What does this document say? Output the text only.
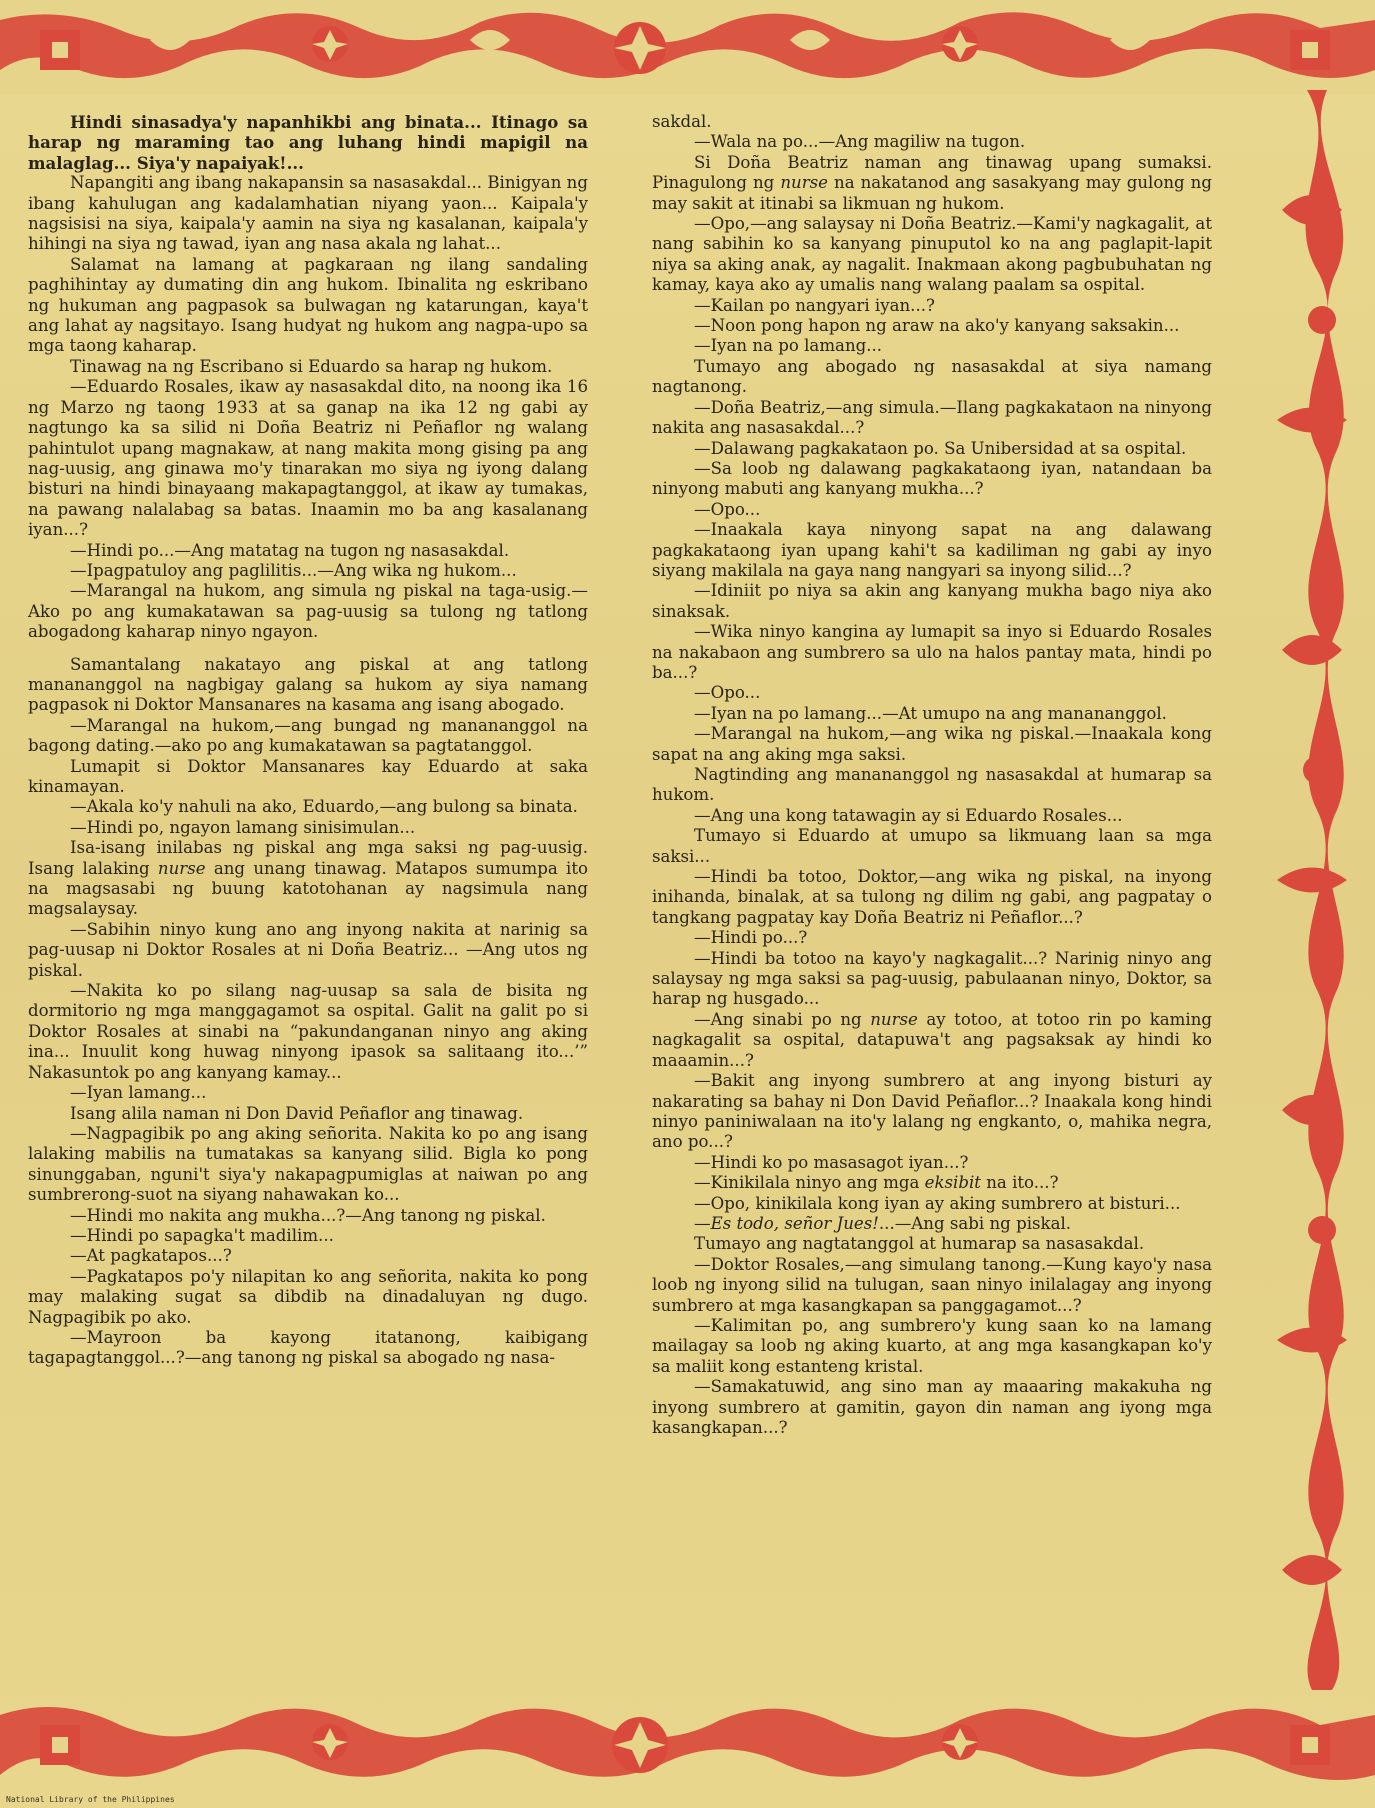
Hindi sinasadya'y napanhikbi ang binata... Itinago sa harap ng maraming tao ang luhang hindi mapigil na malaglag... Siya'y napaiyak!...

Napangiti ang ibang nakapansin sa nasasakdal... Binigyan ng ibang kahulugan ang kadalamhatian niyang yaon... Kaipala'y nagsisisi na siya, kaipala'y aamin na siya ng kasalanan, kaipala'y hihingi na siya ng tawad, iyan ang nasa akala ng lahat...

Salamat na lamang at pagkaraan ng ilang sandaling paghihintay ay dumating din ang hukom. Ibinalita ng eskribano ng hukuman ang pagpasok sa bulwagan ng katarungan, kaya't ang lahat ay nagsitayo. Isang hudyat ng hukom ang nagpa-upo sa mga taong kaharap.

Tinawag na ng Escribano si Eduardo sa harap ng hukom.

—Eduardo Rosales, ikaw ay nasasakdal dito, na noong ika 16 ng Marzo ng taong 1933 at sa ganap na ika 12 ng gabi ay nagtungo ka sa silid ni Doña Beatriz ni Peñaflor ng walang pahintulot upang magnakaw, at nang makita mong gising pa ang nag-uusig, ang ginawa mo'y tinarakan mo siya ng iyong dalang bisturi na hindi binayaang makapagtanggol, at ikaw ay tumakas, na pawang nalalabag sa batas. Inaamin mo ba ang kasalanang iyan...?

—Hindi po...—Ang matatag na tugon ng nasasakdal.

—Ipagpatuloy ang paglilitis...—Ang wika ng hukom...

—Marangal na hukom, ang simula ng piskal na taga-usig.—Ako po ang kumakatawan sa pag-uusig sa tulong ng tatlong abogadong kaharap ninyo ngayon.

Samantalang nakatayo ang piskal at ang tatlong manananggol na nagbigay galang sa hukom ay siya namang pagpasok ni Doktor Mansanares na kasama ang isang abogado.

—Marangal na hukom,—ang bungad ng manananggol na bagong dating.—ako po ang kumakatawan sa pagtatanggol.

Lumapit si Doktor Mansanares kay Eduardo at saka kinamayan.

—Akala ko'y nahuli na ako, Eduardo,—ang bulong sa binata.

—Hindi po, ngayon lamang sinisimulan...

Isa-isang inilabas ng piskal ang mga saksi ng pag-uusig. Isang lalaking nurse ang unang tinawag. Matapos sumumpa ito na magsasabi ng buung katotohanan ay nagsimula nang magsalaysay.

—Sabihin ninyo kung ano ang inyong nakita at narinig sa pag-uusap ni Doktor Rosales at ni Doña Beatriz... —Ang utos ng piskal.

—Nakita ko po silang nag-uusap sa sala de bisita ng dormitorio ng mga manggagamot sa ospital. Galit na galit po si Doktor Rosales at sinabi na “pakundanganan ninyo ang aking ina... Inuulit kong huwag ninyong ipasok sa salitaang ito...’” Nakasuntok po ang kanyang kamay...

—Iyan lamang...

Isang alila naman ni Don David Peñaflor ang tinawag.

—Nagpagibik po ang aking señorita. Nakita ko po ang isang lalaking mabilis na tumatakas sa kanyang silid. Bigla ko pong sinunggaban, nguni't siya'y nakapagpumiglas at naiwan po ang sumbrerong-suot na siyang nahawakan ko...

—Hindi mo nakita ang mukha...?—Ang tanong ng piskal.

—Hindi po sapagka't madilim...

—At pagkatapos...?

—Pagkatapos po'y nilapitan ko ang señorita, nakita ko pong may malaking sugat sa dibdib na dinadaluyan ng dugo. Nagpagibik po ako.

—Mayroon ba kayong itatanong, kaibigang tagapagtanggol...?—ang tanong ng piskal sa abogado ng nasa-

sakdal.

—Wala na po...—Ang magiliw na tugon.

Si Doña Beatriz naman ang tinawag upang sumaksi. Pinagulong ng nurse na nakatanod ang sasakyang may gulong ng may sakit at itinabi sa likmuan ng hukom.

—Opo,—ang salaysay ni Doña Beatriz.—Kami'y nagkagalit, at nang sabihin ko sa kanyang pinuputol ko na ang paglapit-lapit niya sa aking anak, ay nagalit. Inakmaan akong pagbubuhatan ng kamay, kaya ako ay umalis nang walang paalam sa ospital.

—Kailan po nangyari iyan...?

—Noon pong hapon ng araw na ako'y kanyang saksakin...

—Iyan na po lamang...

Tumayo ang abogado ng nasasakdal at siya namang nagtanong.

—Doña Beatriz,—ang simula.—Ilang pagkakataon na ninyong nakita ang nasasakdal...?

—Dalawang pagkakataon po. Sa Unibersidad at sa ospital.

—Sa loob ng dalawang pagkakataong iyan, natandaan ba ninyong mabuti ang kanyang mukha...?

—Opo...

—Inaakala kaya ninyong sapat na ang dalawang pagkakataong iyan upang kahi't sa kadiliman ng gabi ay inyo siyang makilala na gaya nang nangyari sa inyong silid...?

—Idiniit po niya sa akin ang kanyang mukha bago niya ako sinaksak.

—Wika ninyo kangina ay lumapit sa inyo si Eduardo Rosales na nakabaon ang sumbrero sa ulo na halos pantay mata, hindi po ba...?

—Opo...

—Iyan na po lamang...—At umupo na ang manananggol.

—Marangal na hukom,—ang wika ng piskal.—Inaakala kong sapat na ang aking mga saksi.

Nagtinding ang manananggol ng nasasakdal at humarap sa hukom.

—Ang una kong tatawagin ay si Eduardo Rosales...

Tumayo si Eduardo at umupo sa likmuang laan sa mga saksi...

—Hindi ba totoo, Doktor,—ang wika ng piskal, na inyong inihanda, binalak, at sa tulong ng dilim ng gabi, ang pagpatay o tangkang pagpatay kay Doña Beatriz ni Peñaflor...?

—Hindi po...?

—Hindi ba totoo na kayo'y nagkagalit...? Narinig ninyo ang salaysay ng mga saksi sa pag-uusig, pabulaanan ninyo, Doktor, sa harap ng husgado...

—Ang sinabi po ng nurse ay totoo, at totoo rin po kaming nagkagalit sa ospital, datapuwa't ang pagsaksak ay hindi ko maaamin...?

—Bakit ang inyong sumbrero at ang inyong bisturi ay nakarating sa bahay ni Don David Peñaflor...? Inaakala kong hindi ninyo paniniwalaan na ito'y lalang ng engkanto, o, mahika negra, ano po...?

—Hindi ko po masasagot iyan...?

—Kinikilala ninyo ang mga eksibit na ito...?

—Opo, kinikilala kong iyan ay aking sumbrero at bisturi...

—Es todo, señor Jues!...—Ang sabi ng piskal.

Tumayo ang nagtatanggol at humarap sa nasasakdal.

—Doktor Rosales,—ang simulang tanong.—Kung kayo'y nasa loob ng inyong silid na tulugan, saan ninyo inilalagay ang inyong sumbrero at mga kasangkapan sa panggagamot...?

—Kalimitan po, ang sumbrero'y kung saan ko na lamang mailagay sa loob ng aking kuarto, at ang mga kasangkapan ko'y sa maliit kong estanteng kristal.

—Samakatuwid, ang sino man ay maaaring makakuha ng inyong sumbrero at gamitin, gayon din naman ang iyong mga kasangkapan...?

National Library of the Philippines
